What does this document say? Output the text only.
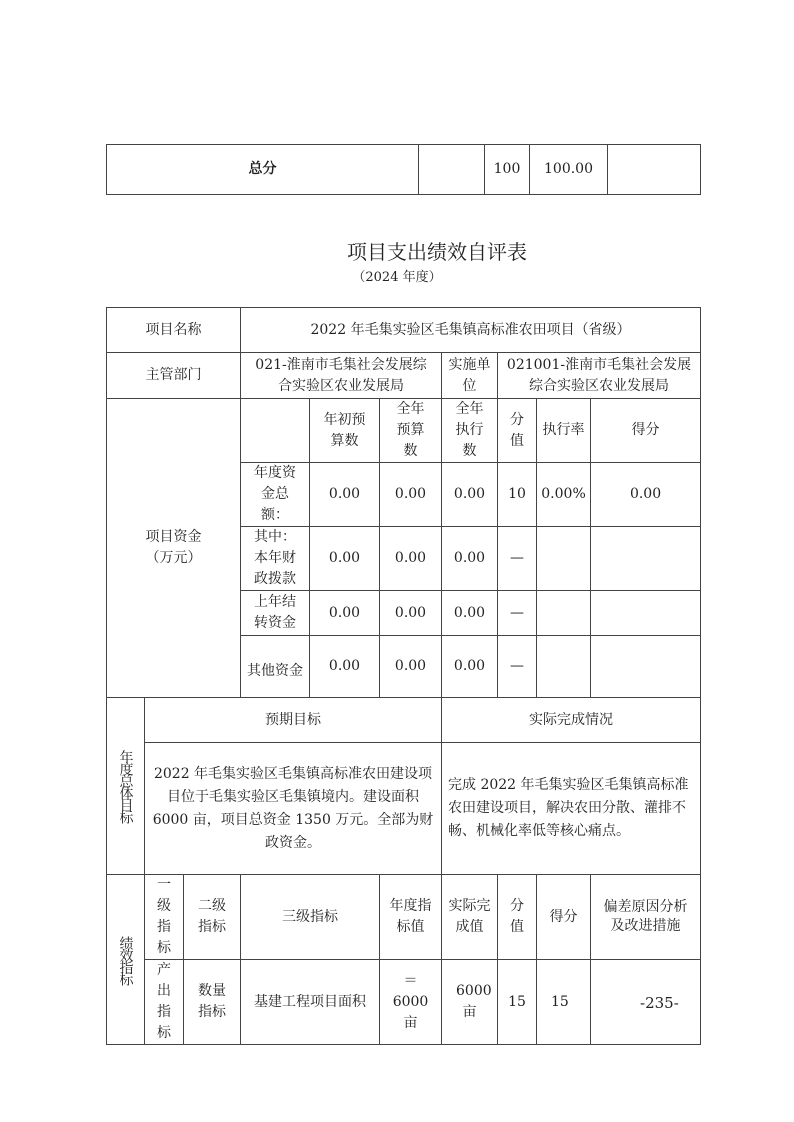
总分		100	100.00	
项目支出绩效自评表
（2024 年度）
项目名称			2022 年毛集实验区毛集镇高标准农田项目（省级）						
主管部门			021-淮南市毛集社会发展综合实验区农业发展局			实施单位	021001-淮南市毛集社会发展综合实验区农业发展局		
项目资金（万元）				年初预算数	全年预算数	全年执行数	分值	执行率	得分
			年度资金总额：	0.00	0.00	0.00	10	0.00%	0.00
			其中：本年财政拨款	0.00	0.00	0.00	—		
			上年结转资金	0.00	0.00	0.00	—		
			其他资金	0.00	0.00	0.00	—		

年度总体目标	预期目标					实际完成情况			
	2022 年毛集实验区毛集镇高标准农田建设项目位于毛集实验区毛集镇境内。建设面积 6000 亩，项目总资金 1350 万元。全部为财政资金。					完成 2022 年毛集实验区毛集镇高标准农田建设项目，解决农田分散、灌排不畅、机械化率低等核心痛点。			

绩效指标	一级指标	二级指标	三级指标		年度指标值	实际完成值	分值	得分	偏差原因分析及改进措施
	产出指标	数量指标	基建工程项目面积		＝6000 亩	6000 亩	15	15		-235-
